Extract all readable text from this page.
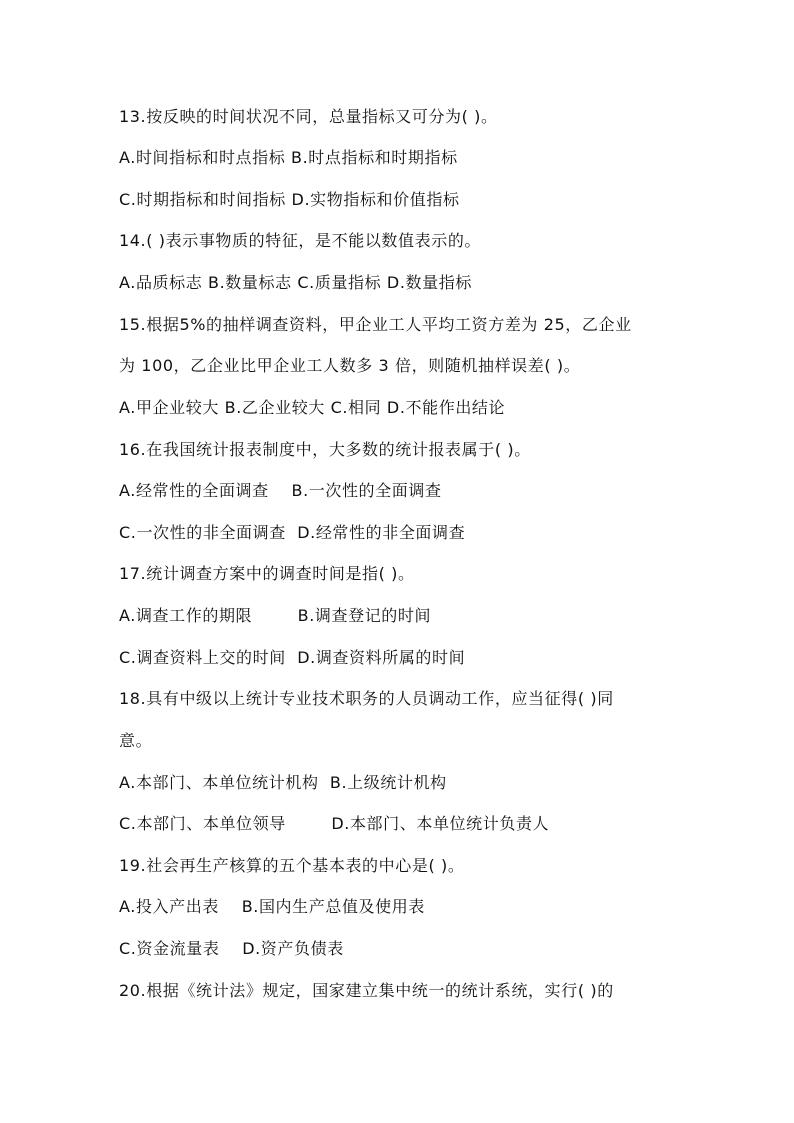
13.按反映的时间状况不同，总量指标又可分为( )。
A.时间指标和时点指标 B.时点指标和时期指标
C.时期指标和时间指标 D.实物指标和价值指标
14.( )表示事物质的特征，是不能以数值表示的。
A.品质标志 B.数量标志 C.质量指标 D.数量指标
15.根据5%的抽样调查资料，甲企业工人平均工资方差为 25，乙企业
为 100，乙企业比甲企业工人数多 3 倍，则随机抽样误差( )。
A.甲企业较大 B.乙企业较大 C.相同 D.不能作出结论
16.在我国统计报表制度中，大多数的统计报表属于( )。
A.经常性的全面调查    B.一次性的全面调查
C.一次性的非全面调查  D.经常性的非全面调查
17.统计调查方案中的调查时间是指( )。
A.调查工作的期限        B.调查登记的时间
C.调查资料上交的时间  D.调查资料所属的时间
18.具有中级以上统计专业技术职务的人员调动工作，应当征得( )同
意。
A.本部门、本单位统计机构  B.上级统计机构
C.本部门、本单位领导        D.本部门、本单位统计负责人
19.社会再生产核算的五个基本表的中心是( )。
A.投入产出表    B.国内生产总值及使用表
C.资金流量表    D.资产负债表
20.根据《统计法》规定，国家建立集中统一的统计系统，实行( )的
